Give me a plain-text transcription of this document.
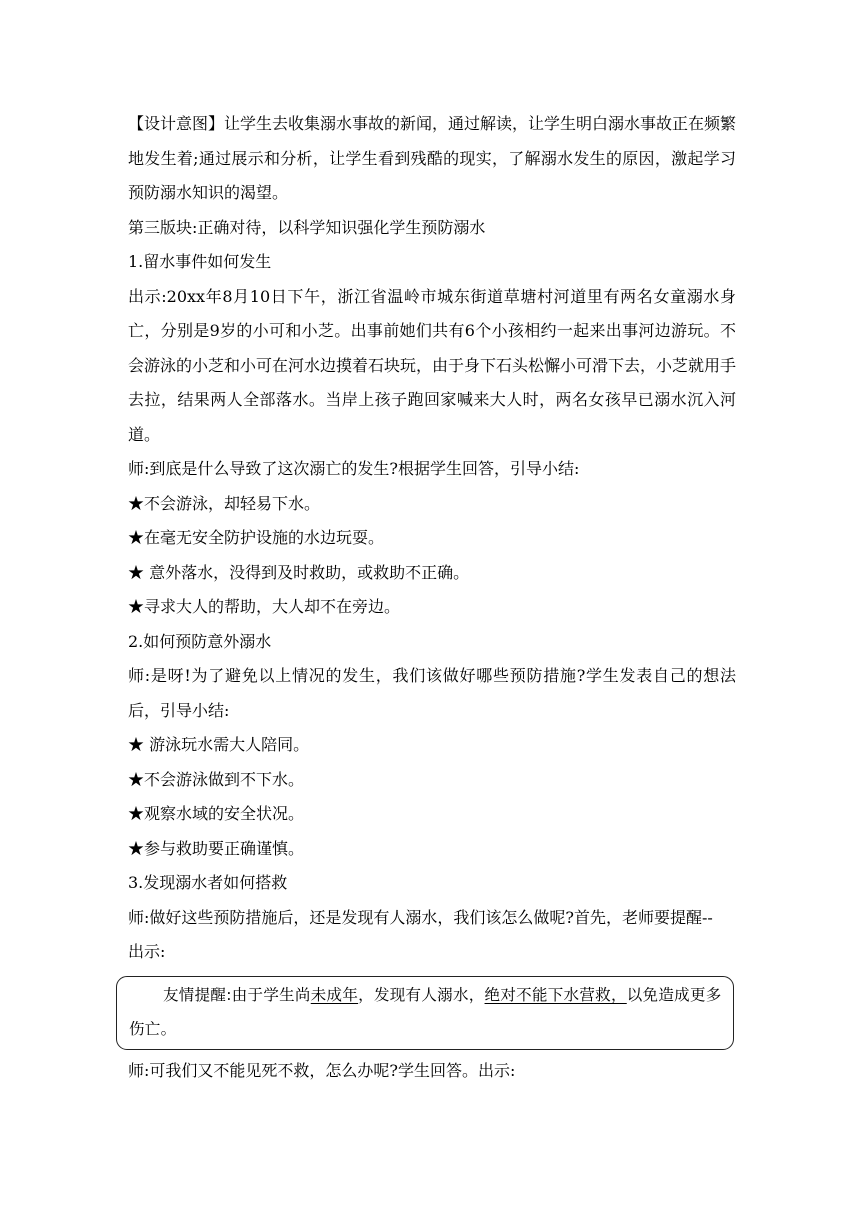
【设计意图】让学生去收集溺水事故的新闻，通过解读，让学生明白溺水事故正在频繁地发生着;通过展示和分析，让学生看到残酷的现实，了解溺水发生的原因，激起学习预防溺水知识的渴望。

第三版块:正确对待，以科学知识强化学生预防溺水

1.留水事件如何发生

出示:20xx年8月10日下午，浙江省温岭市城东街道草塘村河道里有两名女童溺水身亡，分别是9岁的小可和小芝。出事前她们共有6个小孩相约一起来出事河边游玩。不会游泳的小芝和小可在河水边摸着石块玩，由于身下石头松懈小可滑下去，小芝就用手去拉，结果两人全部落水。当岸上孩子跑回家喊来大人时，两名女孩早已溺水沉入河道。

师:到底是什么导致了这次溺亡的发生?根据学生回答，引导小结:

★不会游泳，却轻易下水。

★在毫无安全防护设施的水边玩耍。

★ 意外落水，没得到及时救助，或救助不正确。

★寻求大人的帮助，大人却不在旁边。

2.如何预防意外溺水

师:是呀!为了避免以上情况的发生，我们该做好哪些预防措施?学生发表自己的想法后，引导小结:

★ 游泳玩水需大人陪同。

★不会游泳做到不下水。

★观察水域的安全状况。

★参与救助要正确谨慎。

3.发现溺水者如何搭救

师:做好这些预防措施后，还是发现有人溺水，我们该怎么做呢?首先，老师要提醒--

出示:

友情提醒:由于学生尚未成年，发现有人溺水，绝对不能下水营救，以免造成更多伤亡。

师:可我们又不能见死不救，怎么办呢?学生回答。出示:
